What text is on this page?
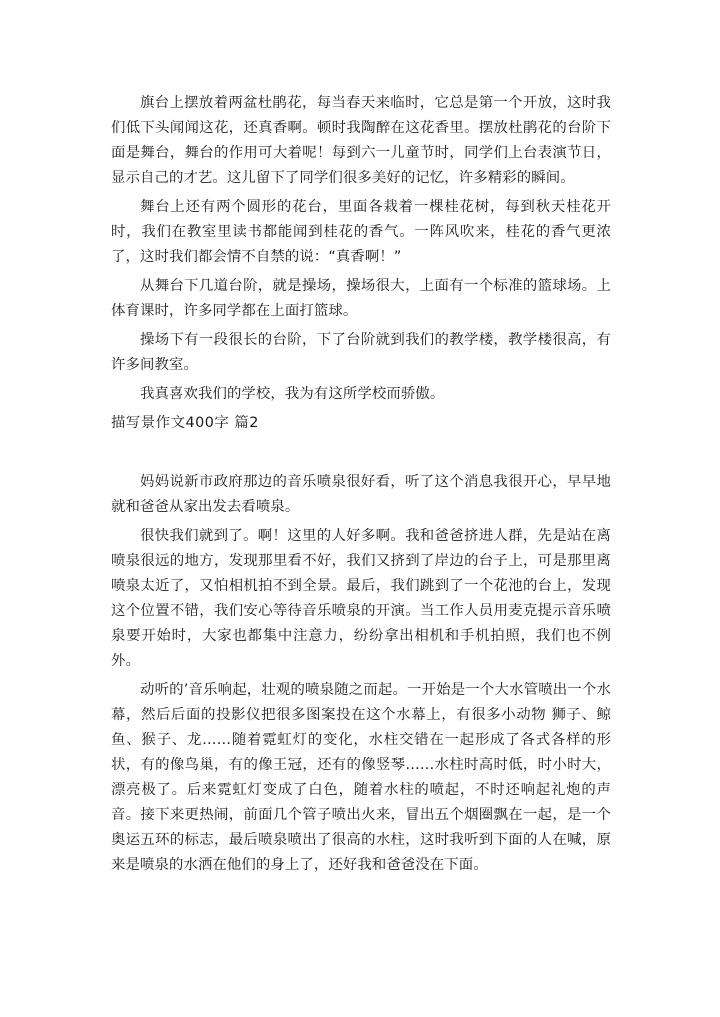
旗台上摆放着两盆杜鹃花，每当春天来临时，它总是第一个开放，这时我们低下头闻闻这花，还真香啊。顿时我陶醉在这花香里。摆放杜鹃花的台阶下面是舞台，舞台的作用可大着呢！每到六一儿童节时，同学们上台表演节日，显示自己的才艺。这儿留下了同学们很多美好的记忆，许多精彩的瞬间。

舞台上还有两个圆形的花台，里面各栽着一棵桂花树，每到秋天桂花开时，我们在教室里读书都能闻到桂花的香气。一阵风吹来，桂花的香气更浓了，这时我们都会情不自禁的说：“真香啊！”

从舞台下几道台阶，就是操场，操场很大，上面有一个标准的篮球场。上体育课时，许多同学都在上面打篮球。

操场下有一段很长的台阶，下了台阶就到我们的教学楼，教学楼很高，有许多间教室。

我真喜欢我们的学校，我为有这所学校而骄傲。

描写景作文400字 篇2

妈妈说新市政府那边的音乐喷泉很好看，听了这个消息我很开心，早早地就和爸爸从家出发去看喷泉。

很快我们就到了。啊！这里的人好多啊。我和爸爸挤进人群，先是站在离喷泉很远的地方，发现那里看不好，我们又挤到了岸边的台子上，可是那里离喷泉太近了，又怕相机拍不到全景。最后，我们跳到了一个花池的台上，发现这个位置不错，我们安心等待音乐喷泉的开演。当工作人员用麦克提示音乐喷泉要开始时，大家也都集中注意力，纷纷拿出相机和手机拍照，我们也不例外。

动听的’音乐响起，壮观的喷泉随之而起。一开始是一个大水管喷出一个水幕，然后后面的投影仪把很多图案投在这个水幕上，有很多小动物 狮子、鲸鱼、猴子、龙……随着霓虹灯的变化，水柱交错在一起形成了各式各样的形状，有的像鸟巢，有的像王冠，还有的像竖琴……水柱时高时低，时小时大，漂亮极了。后来霓虹灯变成了白色，随着水柱的喷起，不时还响起礼炮的声音。接下来更热闹，前面几个管子喷出火来，冒出五个烟圈飘在一起，是一个奥运五环的标志，最后喷泉喷出了很高的水柱，这时我听到下面的人在喊，原来是喷泉的水洒在他们的身上了，还好我和爸爸没在下面。
